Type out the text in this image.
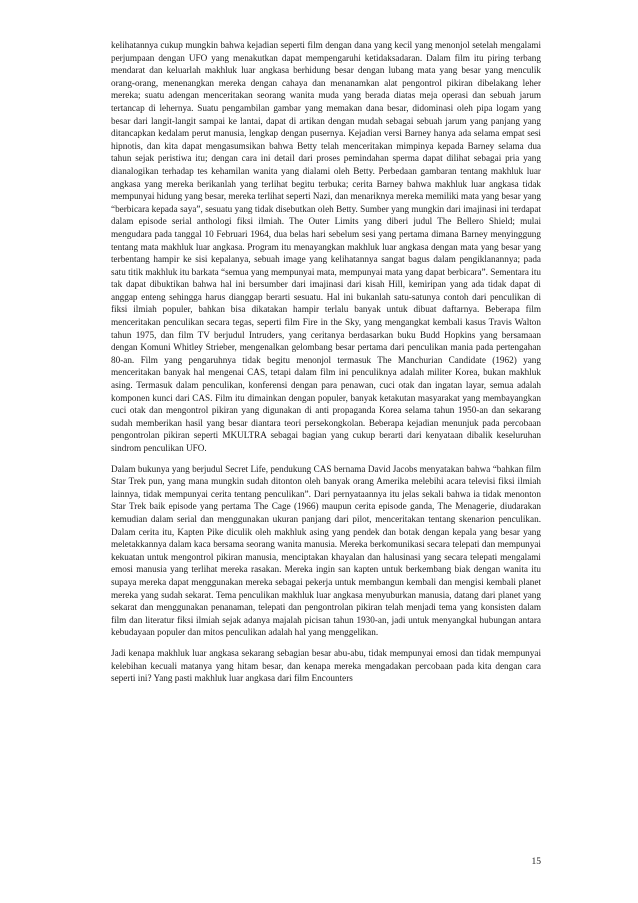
kelihatannya cukup mungkin bahwa kejadian seperti film dengan dana yang kecil yang menonjol setelah mengalami perjumpaan dengan UFO yang menakutkan dapat mempengaruhi ketidaksadaran. Dalam film itu piring terbang mendarat dan keluarlah makhluk luar angkasa berhidung besar dengan lubang mata yang besar yang menculik orang-orang, menenangkan mereka dengan cahaya dan menanamkan alat pengontrol pikiran dibelakang leher mereka; suatu adengan menceritakan seorang wanita muda yang berada diatas meja operasi dan sebuah jarum tertancap di lehernya. Suatu pengambilan gambar yang memakan dana besar, didominasi oleh pipa logam yang besar dari langit-langit sampai ke lantai, dapat di artikan dengan mudah sebagai sebuah jarum yang panjang yang ditancapkan kedalam perut manusia, lengkap dengan pusernya. Kejadian versi Barney hanya ada selama empat sesi hipnotis, dan kita dapat mengasumsikan bahwa Betty telah menceritakan mimpinya kepada Barney selama dua tahun sejak peristiwa itu; dengan cara ini detail dari proses pemindahan sperma dapat dilihat sebagai pria yang dianalogikan terhadap tes kehamilan wanita yang dialami oleh Betty. Perbedaan gambaran tentang makhluk luar angkasa yang mereka berikanlah yang terlihat begitu terbuka; cerita Barney bahwa makhluk luar angkasa tidak mempunyai hidung yang besar, mereka terlihat seperti Nazi, dan menariknya mereka memiliki mata yang besar yang “berbicara kepada saya”, sesuatu yang tidak disebutkan oleh Betty. Sumber yang mungkin dari imajinasi ini terdapat dalam episode serial anthologi fiksi ilmiah. The Outer Limits yang diberi judul The Bellero Shield; mulai mengudara pada tanggal 10 Februari 1964, dua belas hari sebelum sesi yang pertama dimana Barney menyinggung tentang mata makhluk luar angkasa. Program itu menayangkan makhluk luar angkasa dengan mata yang besar yang terbentang hampir ke sisi kepalanya, sebuah image yang kelihatannya sangat bagus dalam pengiklanannya; pada satu titik makhluk itu barkata “semua yang mempunyai mata, mempunyai mata yang dapat berbicara”. Sementara itu tak dapat dibuktikan bahwa hal ini bersumber dari imajinasi dari kisah Hill, kemiripan yang ada tidak dapat di anggap enteng sehingga harus dianggap berarti sesuatu. Hal ini bukanlah satu-satunya contoh dari penculikan di fiksi ilmiah populer, bahkan bisa dikatakan hampir terlalu banyak untuk dibuat daftarnya. Beberapa film menceritakan penculikan secara tegas, seperti film Fire in the Sky, yang mengangkat kembali kasus Travis Walton tahun 1975, dan film TV berjudul Intruders, yang ceritanya berdasarkan buku Budd Hopkins yang bersamaan dengan Komuni Whitley Strieber, mengenalkan gelombang besar pertama dari penculikan mania pada pertengahan 80-an. Film yang pengaruhnya tidak begitu menonjol termasuk The Manchurian Candidate (1962) yang menceritakan banyak hal mengenai CAS, tetapi dalam film ini penculiknya adalah militer Korea, bukan makhluk asing. Termasuk dalam penculikan, konferensi dengan para penawan, cuci otak dan ingatan layar, semua adalah komponen kunci dari CAS. Film itu dimainkan dengan populer, banyak ketakutan masyarakat yang membayangkan cuci otak dan mengontrol pikiran yang digunakan di anti propaganda Korea selama tahun 1950-an dan sekarang sudah memberikan hasil yang besar diantara teori persekongkolan. Beberapa kejadian menunjuk pada percobaan pengontrolan pikiran seperti MKULTRA sebagai bagian yang cukup berarti dari kenyataan dibalik keseluruhan sindrom penculikan UFO.

Dalam bukunya yang berjudul Secret Life, pendukung CAS bernama David Jacobs menyatakan bahwa “bahkan film Star Trek pun, yang mana mungkin sudah ditonton oleh banyak orang Amerika melebihi acara televisi fiksi ilmiah lainnya, tidak mempunyai cerita tentang penculikan”. Dari pernyataannya itu jelas sekali bahwa ia tidak menonton Star Trek baik episode yang pertama The Cage (1966) maupun cerita episode ganda, The Menagerie, diudarakan kemudian dalam serial dan menggunakan ukuran panjang dari pilot, menceritakan tentang skenarion penculikan. Dalam cerita itu, Kapten Pike diculik oleh makhluk asing yang pendek dan botak dengan kepala yang besar yang meletakkannya dalam kaca bersama seorang wanita manusia. Mereka berkomunikasi secara telepati dan mempunyai kekuatan untuk mengontrol pikiran manusia, menciptakan khayalan dan halusinasi yang secara telepati mengalami emosi manusia yang terlihat mereka rasakan. Mereka ingin san kapten untuk berkembang biak dengan wanita itu supaya mereka dapat menggunakan mereka sebagai pekerja untuk membangun kembali dan mengisi kembali planet mereka yang sudah sekarat. Tema penculikan makhluk luar angkasa menyuburkan manusia, datang dari planet yang sekarat dan menggunakan penanaman, telepati dan pengontrolan pikiran telah menjadi tema yang konsisten dalam film dan literatur fiksi ilmiah sejak adanya majalah picisan tahun 1930-an, jadi untuk menyangkal hubungan antara kebudayaan populer dan mitos penculikan adalah hal yang menggelikan.

Jadi kenapa makhluk luar angkasa sekarang sebagian besar abu-abu, tidak mempunyai emosi dan tidak mempunyai kelebihan kecuali matanya yang hitam besar, dan kenapa mereka mengadakan percobaan pada kita dengan cara seperti ini? Yang pasti makhluk luar angkasa dari film Encounters

15
